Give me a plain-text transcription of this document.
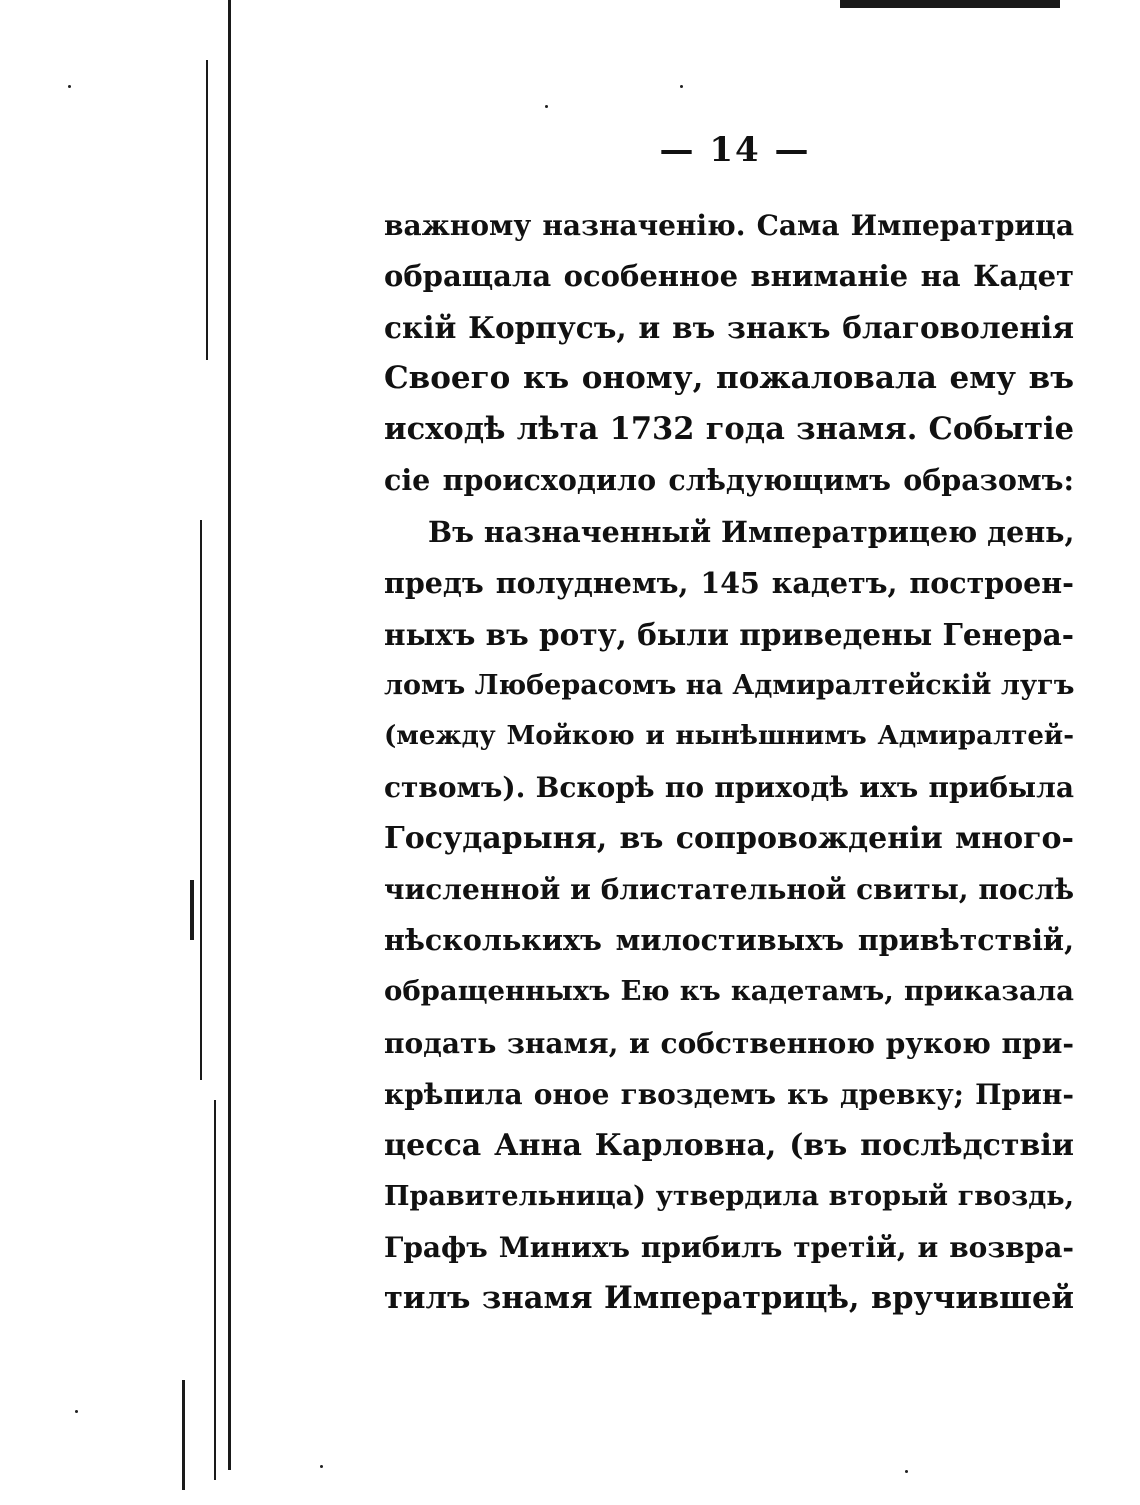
— 14 —
важному назначенію. Сама Императрица
обращала особенное вниманіе на Кадет
скій Корпусъ, и въ знакъ благоволенія
Своего къ оному, пожаловала ему въ
исходѣ лѣта 1732 года знамя. Событіе
сіе происходило слѣдующимъ образомъ:
Въ назначенный Императрицею день,
предъ полуднемъ, 145 кадетъ, построен-
ныхъ въ роту, были приведены Генера-
ломъ Люберасомъ на Адмиралтейскій лугъ
(между Мойкою и нынѣшнимъ Адмиралтей-
ствомъ). Вскорѣ по приходѣ ихъ прибыла
Государыня, въ сопровожденіи много-
численной и блистательной свиты, послѣ
нѣсколькихъ милостивыхъ привѣтствій,
обращенныхъ Ею къ кадетамъ, приказала
подать знамя, и собственною рукою при-
крѣпила оное гвоздемъ къ древку; Прин-
цесса Анна Карловна, (въ послѣдствіи
Правительница) утвердила вторый гвоздь,
Графъ Минихъ прибилъ третій, и возвра-
тилъ знамя Императрицѣ, вручившей
